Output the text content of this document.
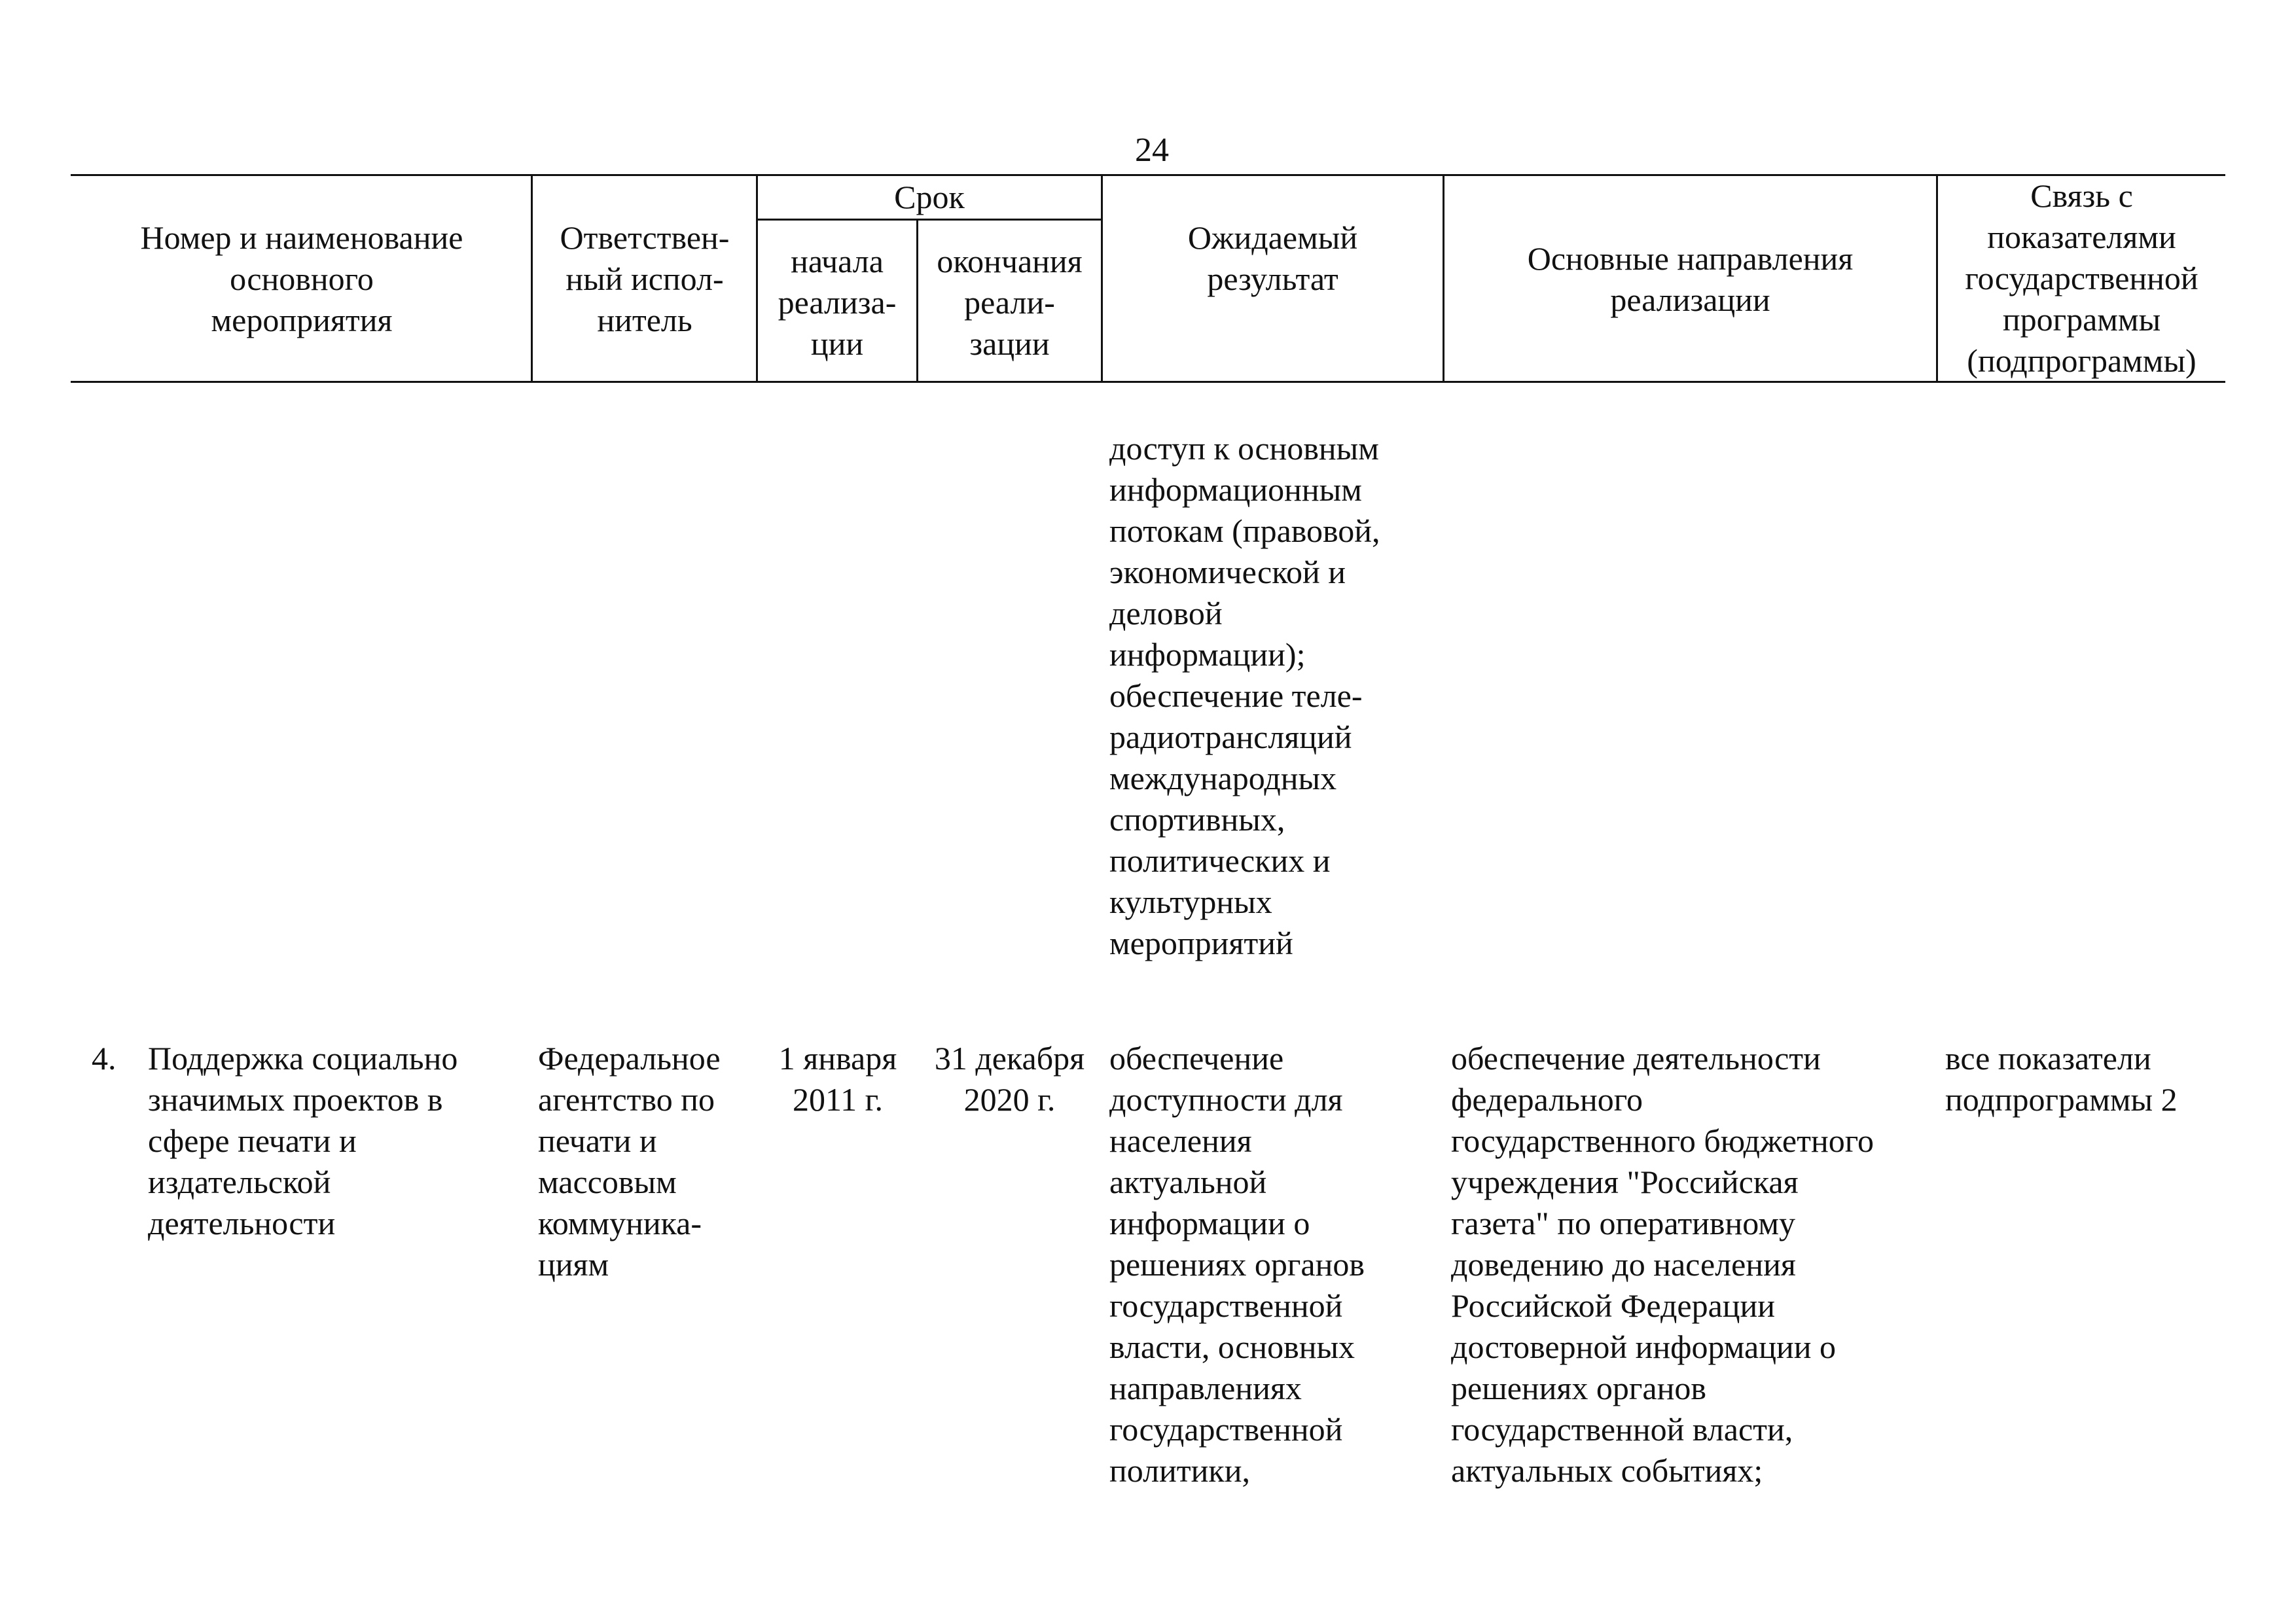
24
Номер и наименование
основного
мероприятия
Ответствен-
ный испол-
нитель
Срок
начала
реализа-
ции
окончания
реали-
зации
Ожидаемый
результат
Основные направления
реализации
Связь с
показателями
государственной
программы
(подпрограммы)
доступ к основным
информационным
потокам (правовой,
экономической и
деловой
информации);
обеспечение теле-
радиотрансляций
международных
спортивных,
политических и
культурных
мероприятий
4. Поддержка социально
значимых проектов в
сфере печати и
издательской
деятельности
Федеральное
агентство по
печати и
массовым
коммуника-
циям
1 января
2011 г.
31 декабря
2020 г.
обеспечение
доступности для
населения
актуальной
информации о
решениях органов
государственной
власти, основных
направлениях
государственной
политики,
обеспечение деятельности
федерального
государственного бюджетного
учреждения "Российская
газета" по оперативному
доведению до населения
Российской Федерации
достоверной информации о
решениях органов
государственной власти,
актуальных событиях;
все показатели
подпрограммы 2
